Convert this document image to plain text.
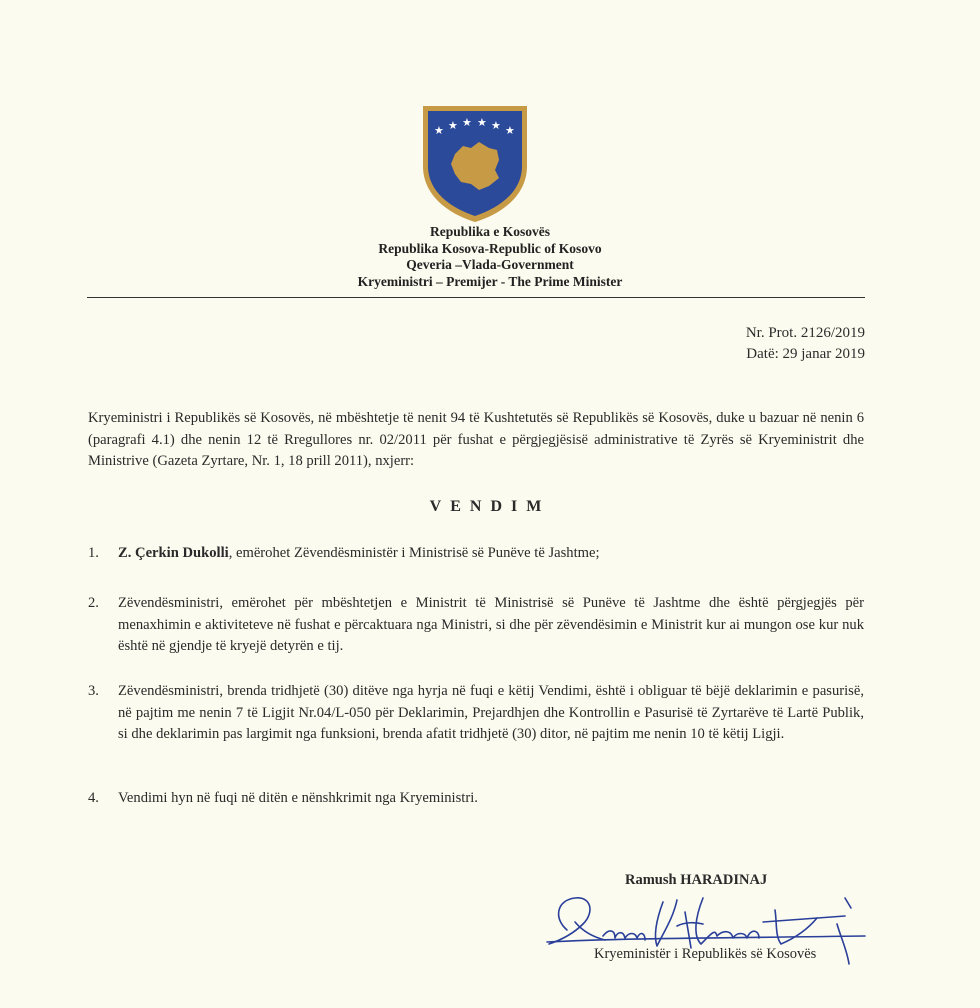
★ ★ ★ ★ ★ ★
Republika e Kosovës
Republika Kosova-Republic of Kosovo
Qeveria –Vlada-Government
Kryeministri – Premijer - The Prime Minister
Nr. Prot. 2126/2019
Datë: 29 janar 2019
Kryeministri i Republikës së Kosovës, në mbështetje të nenit 94 të Kushtetutës së Republikës së Kosovës, duke u bazuar në nenin 6 (paragrafi 4.1) dhe nenin 12 të Rregullores nr. 02/2011 për fushat e përgjegjësisë administrative të Zyrës së Kryeministrit dhe Ministrive (Gazeta Zyrtare, Nr. 1, 18 prill 2011), nxjerr:
VENDIM
1.	Z. Çerkin Dukolli, emërohet Zëvendësministër i Ministrisë së Punëve të Jashtme;
2.	Zëvendësministri, emërohet për mbështetjen e Ministrit të Ministrisë së Punëve të Jashtme dhe është përgjegjës për menaxhimin e aktiviteteve në fushat e përcaktuara nga Ministri, si dhe për zëvendësimin e Ministrit kur ai mungon ose kur nuk është në gjendje të kryejë detyrën e tij.
3.	Zëvendësministri, brenda tridhjetë (30) ditëve nga hyrja në fuqi e këtij Vendimi, është i obliguar të bëjë deklarimin e pasurisë, në pajtim me nenin 7 të Ligjit Nr.04/L-050 për Deklarimin, Prejardhjen dhe Kontrollin e Pasurisë të Zyrtarëve të Lartë Publik, si dhe deklarimin pas largimit nga funksioni, brenda afatit tridhjetë (30) ditor, në pajtim me nenin 10 të këtij Ligji.
4.	Vendimi hyn në fuqi në ditën e nënshkrimit nga Kryeministri.
Ramush HARADINAJ
Kryeministër i Republikës së Kosovës
